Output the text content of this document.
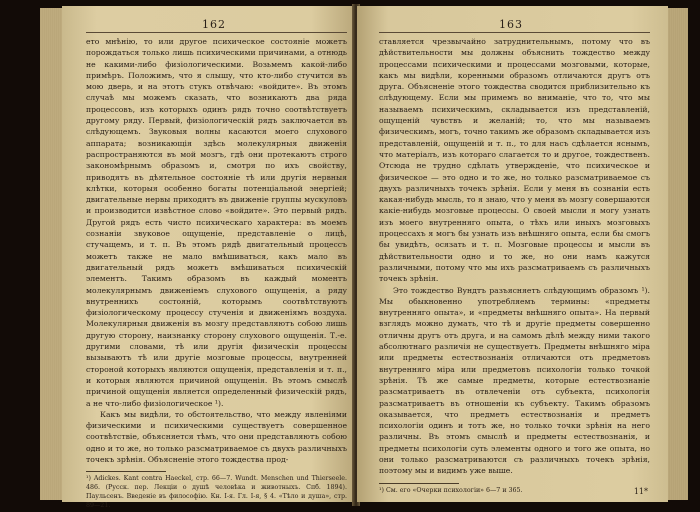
162

ето мнѣнію, то или другое психическое состояніе можетъ порождаться только лишь психическими причинами, а отнюдь не какими-либо физіологическими. Возьмемъ какой-либо примѣръ. Положимъ, что я слышу, что кто-либо стучится въ мою дверь, и на этотъ стукъ отвѣчаю: «войдите». Въ этомъ случаѣ мы можемъ сказать, что возникаютъ два ряда процессовъ, изъ которыхъ одинъ рядъ точно соотвѣтствуетъ другому ряду. Первый, физіологическій рядъ заключается въ слѣдующемъ. Звуковыя волны касаются моего слухового аппарата; возникающія здѣсь молекулярныя движенія распространяются въ мой мозгъ, гдѣ они протекаютъ строго закономѣрнымъ образомъ и, смотря по ихъ свойству, приводятъ въ дѣятельное состояніе тѣ или другія нервныя клѣтки, которыя особенно богаты потенціальной энергіей; двигательные нервы приходятъ въ движеніе группы мускуловъ и производится извѣстное слово «войдите». Это первый рядъ. Другой рядъ есть чисто психическаго характера: въ моемъ сознаніи звуковое ощущеніе, представленіе о лицѣ, стучащемъ, и т. п. Въ этомъ рядѣ двигательный процессъ можетъ также не мало вмѣшиваться, какъ мало въ двигательный рядъ можетъ вмѣшиваться психическій элементъ. Такимъ образомъ въ каждый моментъ молекулярнымъ движеніемъ слухового ощущенія, а ряду внутреннихъ состояній, которымъ соотвѣтствуютъ физіологическому процессу стученія и движеніямъ воздуха. Молекулярныя движенія въ мозгу представляютъ собою лишь другую сторону, наизнанку сторону слухового ощущенія. Т.-е. другими словами, тѣ или другія физическія процессы вызываютъ тѣ или другіе мозговые процессы, внутренней стороной которыхъ являются ощущенія, представленія и т. п., и которыя являются причиной ощущенія. Въ этомъ смыслѣ причиной ощущенія является определенный физическій рядъ, а не что-либо физіологическое ¹).

Какъ мы видѣли, то обстоятельство, что между явленіями физическими и психическими существуетъ совершенное соотвѣтствіе, объясняется тѣмъ, что они представляютъ собою одно и то же, но только разсматриваемое съ двухъ различныхъ точекъ зрѣнія. Объясненіе этого тождества прод-

¹) Adickes. Kant contra Haeckel, стр. 66—7. Wundt. Menschen und Thierseele. 486. (Русск. пер. Лекціи о душѣ человѣка и животныхъ. Спб. 1894). Паульсенъ. Введеніе въ философію. Кн. I-я. Гл. I-я, § 4. «Тѣло и душа», стр. 89—21.
163

ставляется чрезвычайно затруднительнымъ, потому что въ дѣйствительности мы должны объяснить тождество между процессами психическими и процессами мозговыми, которые, какъ мы видѣли, коренными образомъ отличаются другъ отъ друга. Объясненіе этого тождества сводится приблизительно къ слѣдующему. Если мы примемъ во вниманіе, что то, что мы называемъ психическимъ, складывается изъ представленій, ощущеній чувствъ и желаній; то, что мы называемъ физическимъ, могъ, точно такимъ же образомъ складывается изъ представленій, ощущеній и т. п., то для насъ сдѣлается яснымъ, что матеріалъ, изъ котораго слагается то и другое, тождественъ. Отсюда не трудно сдѣлать утвержденіе, что психическое и физическое — это одно и то же, но только разсматриваемое съ двухъ различныхъ точекъ зрѣнія. Если у меня въ сознаніи есть какая-нибудь мысль, то я знаю, что у меня въ мозгу совершаются какіе-нибудь мозговые процессы. О своей мысли я могу узнать изъ моего внутренняго опыта, о тѣхъ или иныхъ мозговыхъ процессахъ я могъ бы узнать изъ внѣшняго опыта, если бы смогъ бы увидѣть, осязать и т. п. Мозговые процессы и мысли въ дѣйствительности одно и то же, но они намъ кажутся различными, потому что мы ихъ разсматриваемъ съ различныхъ точекъ зрѣнія.

Это тождество Вундтъ разъясняетъ слѣдующимъ образомъ ¹). Мы обыкновенно употребляемъ термины: «предметы внутренняго опыта», и «предметы внѣшняго опыта». На первый взглядъ можно думать, что тѣ и другіе предметы совершенно отличны другъ отъ друга, и на самомъ дѣлѣ между ними такого абсолютнаго различія не существуетъ. Предметы внѣшняго міра или предметы естествознанія отличаются отъ предметовъ внутренняго міра или предметовъ психологіи только точкой зрѣнія. Тѣ же самые предметы, которые естествознаніе разсматриваетъ въ отвлеченіи отъ субъекта, психологія разсматриваетъ въ отношеніи къ субъекту. Такимъ образомъ оказывается, что предметъ естествознанія и предметъ психологіи одинъ и тотъ же, но только точки зрѣнія на него различны. Въ этомъ смыслѣ и предметы естествознанія, и предметы психологіи суть элементы одного и того же опыта, но они только разсматриваются съ различныхъ точекъ зрѣнія, поэтому мы и видимъ уже выше.

¹) См. его «Очерки психологіи» 6—7 и 365.	11*
